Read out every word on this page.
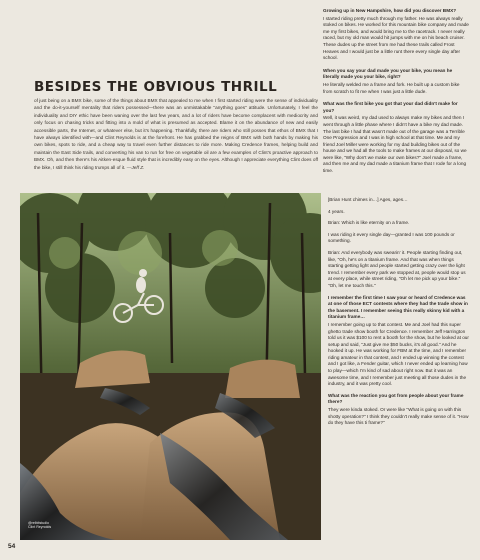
Growing up in New Hampshire, how did you discover BMX?

I started riding pretty much through my father. He was always really stoked on bikes. He worked for this mountain bike company and made me my first bikes, and would bring me to the racetrack. I never really raced, but my old man would hit jumps with me on his beach cruiser. These dudes up the street from me had these trails called Frost Heaves and I would just be a little runt there every single day after school.

When you say your dad made you your bike, you mean he literally made you your bike, right?

He literally welded me a frame and fork. He built up a custom bike from scratch to fit me when I was just a little dude.

What was the first bike you got that your dad didn't make for you?

Well, it was weird, my dad used to always make my bikes and then I went through a little phase where I didn't have a bike my dad made. The last bike I had that wasn't made out of the garage was a Terrible One Progression and I was in high school at that time. Me and my friend Joel Miller were working for my dad building bikes out of the house and we had all the tools to make frames at our disposal, so we were like, "Why don't we make our own bikes?" Joel made a frame, and then me and my dad made a titanium frame that I rode for a long time.

BESIDES THE OBVIOUS THRILL

of just being on a BMX bike, some of the things about BMX that appealed to me when I first started riding were the sense of individuality and the do-it-yourself mentality that riders possessed—there was an unmistakable "anything goes" attitude. Unfortunately, I feel the individuality and DIY ethic have been waning over the last few years, and a lot of riders have become complacent with mediocrity and only focus on chasing tricks and fitting into a mold of what is presumed as accepted. Blame it on the abundance of new and easily accessible parts, the Internet, or whatever else, but it's happening. Thankfully, there are riders who still posses that ethos of BMX that I have always identified with—and Clint Reynolds is at the forefront. He has grabbed the reigns of BMX with both hands by making his own bikes, spots to ride, and a cheap way to travel even further distances to ride more. Making Credence frames, helping build and maintain the East Side trails, and converting his van to run for free on vegetable oil are a few examples of Clint's proactive approach to BMX. Oh, and then there's his Aitken-esque fluid style that is incredibly easy on the eyes. Although I appreciate everything Clint does off the bike, I still think his riding trumps all of it. —Jeff Z.

@relbitstudio
Clint Reynolds

[Brian Hunt chimes in…] Ages, ages…

4 years.

Brian: Which is like eternity on a frame.

I was riding it every single day—granted I was 100 pounds or something.

Brian: And everybody was swearin' it. People starting finding out, like, "Oh, he's on a titanium frame. And that was when things starting getting light and people started getting crazy over the light trend. I remember every park we stopped at, people would stop us at every place, while street riding, "Oh let me pick up your bike." "Oh, let me touch this."

I remember the first time I saw your or heard of Credence was at one of those ECT contests where they had the trade show in the basement. I remember seeing this really skinny kid with a titanium frame…

I remember going up to that contest. Me and Joel had this super ghetto trade show booth for Credence. I remember Jeff Harrington told us it was $100 to rent a booth for the show, but he looked at our setup and said, "Just give me $50 bucks, it's all good." And he hooked it up. He was working for FBM at the time, and I remember riding amateur in that contest, and I ended up winning the contest and I got like, a Fender guitar, which I never ended up learning how to play—which I'm kind of sad about right now. But it was an awesome time, and I remember just meeting all those dudes in the industry, and it was pretty cool.

What was the reaction you got from people about your frame there?

They were kinda stoked. Or were like "What is going on with this shotty operation?" I think they couldn't really make sense of it. "How do they have this ti frame?"

54
